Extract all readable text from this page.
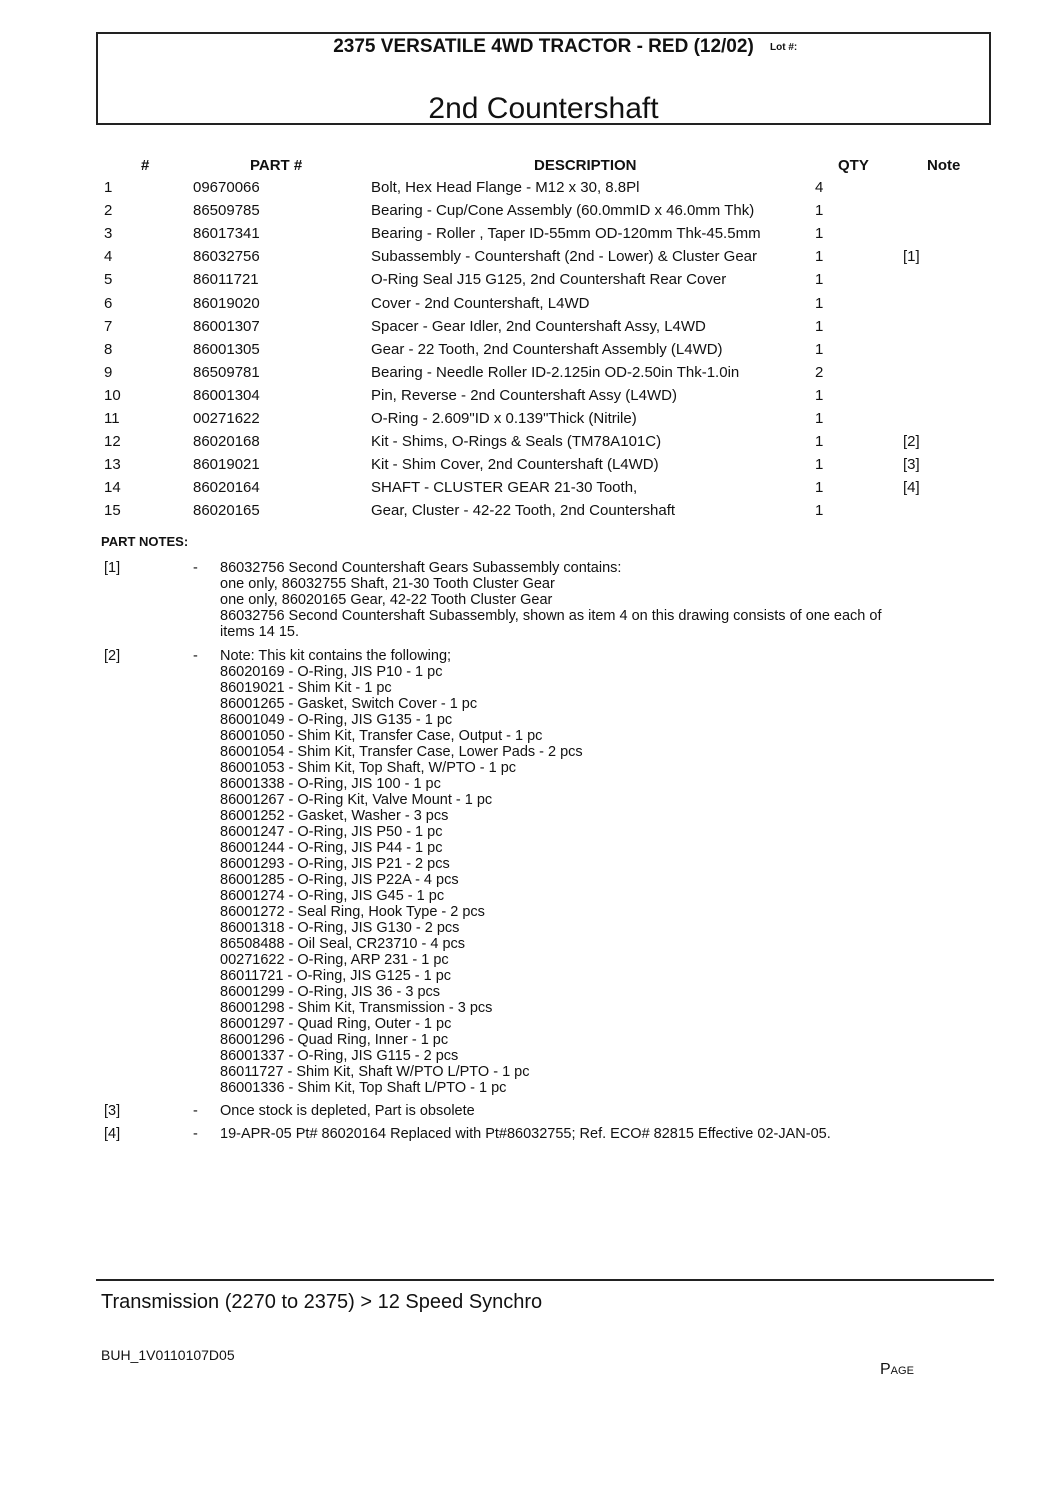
2375 VERSATILE 4WD TRACTOR - RED (12/02)	Lot #:
2nd Countershaft
#	PART #	DESCRIPTION	QTY	Note
1	09670066	Bolt, Hex Head Flange - M12 x 30, 8.8Pl	4
2	86509785	Bearing - Cup/Cone Assembly (60.0mmID x 46.0mm Thk)	1
3	86017341	Bearing - Roller , Taper ID-55mm OD-120mm Thk-45.5mm	1
4	86032756	Subassembly - Countershaft (2nd - Lower) & Cluster Gear	1	[1]
5	86011721	O-Ring Seal J15 G125, 2nd Countershaft Rear Cover	1
6	86019020	Cover - 2nd Countershaft, L4WD	1
7	86001307	Spacer - Gear Idler, 2nd Countershaft Assy, L4WD	1
8	86001305	Gear - 22 Tooth, 2nd Countershaft Assembly (L4WD)	1
9	86509781	Bearing - Needle Roller ID-2.125in OD-2.50in Thk-1.0in	2
10	86001304	Pin, Reverse - 2nd Countershaft Assy (L4WD)	1
11	00271622	O-Ring - 2.609"ID x 0.139"Thick (Nitrile)	1
12	86020168	Kit - Shims, O-Rings & Seals (TM78A101C)	1	[2]
13	86019021	Kit - Shim Cover, 2nd Countershaft (L4WD)	1	[3]
14	86020164	SHAFT - CLUSTER GEAR 21-30 Tooth,	1	[4]
15	86020165	Gear, Cluster - 42-22 Tooth, 2nd Countershaft	1
PART NOTES:
[1]	- 86032756 Second Countershaft Gears Subassembly contains:
one only, 86032755 Shaft, 21-30 Tooth Cluster Gear
one only, 86020165 Gear, 42-22 Tooth Cluster Gear
86032756 Second Countershaft Subassembly, shown as item 4 on this drawing consists of one each of
items 14 15.
[2]	- Note: This kit contains the following;
86020169 - O-Ring, JIS P10 - 1 pc
86019021 - Shim Kit - 1 pc
86001265 - Gasket, Switch Cover - 1 pc
86001049 - O-Ring, JIS G135 - 1 pc
86001050 - Shim Kit, Transfer Case, Output - 1 pc
86001054 - Shim Kit, Transfer Case, Lower Pads - 2 pcs
86001053 - Shim Kit, Top Shaft, W/PTO - 1 pc
86001338 - O-Ring, JIS 100 - 1 pc
86001267 - O-Ring Kit, Valve Mount - 1 pc
86001252 - Gasket, Washer - 3 pcs
86001247 - O-Ring, JIS P50 - 1 pc
86001244 - O-Ring, JIS P44 - 1 pc
86001293 - O-Ring, JIS P21 - 2 pcs
86001285 - O-Ring, JIS P22A - 4 pcs
86001274 - O-Ring, JIS G45 - 1 pc
86001272 - Seal Ring, Hook Type - 2 pcs
86001318 - O-Ring, JIS G130 - 2 pcs
86508488 - Oil Seal, CR23710 - 4 pcs
00271622 - O-Ring, ARP 231 - 1 pc
86011721 - O-Ring, JIS G125 - 1 pc
86001299 - O-Ring, JIS 36 - 3 pcs
86001298 - Shim Kit, Transmission - 3 pcs
86001297 - Quad Ring, Outer - 1 pc
86001296 - Quad Ring, Inner - 1 pc
86001337 - O-Ring, JIS G115 - 2 pcs
86011727 - Shim Kit, Shaft W/PTO L/PTO - 1 pc
86001336 - Shim Kit, Top Shaft L/PTO - 1 pc
[3]	- Once stock is depleted, Part is obsolete
[4]	- 19-APR-05 Pt# 86020164 Replaced with Pt#86032755; Ref. ECO# 82815 Effective 02-JAN-05.
Transmission (2270 to 2375) > 12 Speed Synchro
BUH_1V0110107D05
Page
